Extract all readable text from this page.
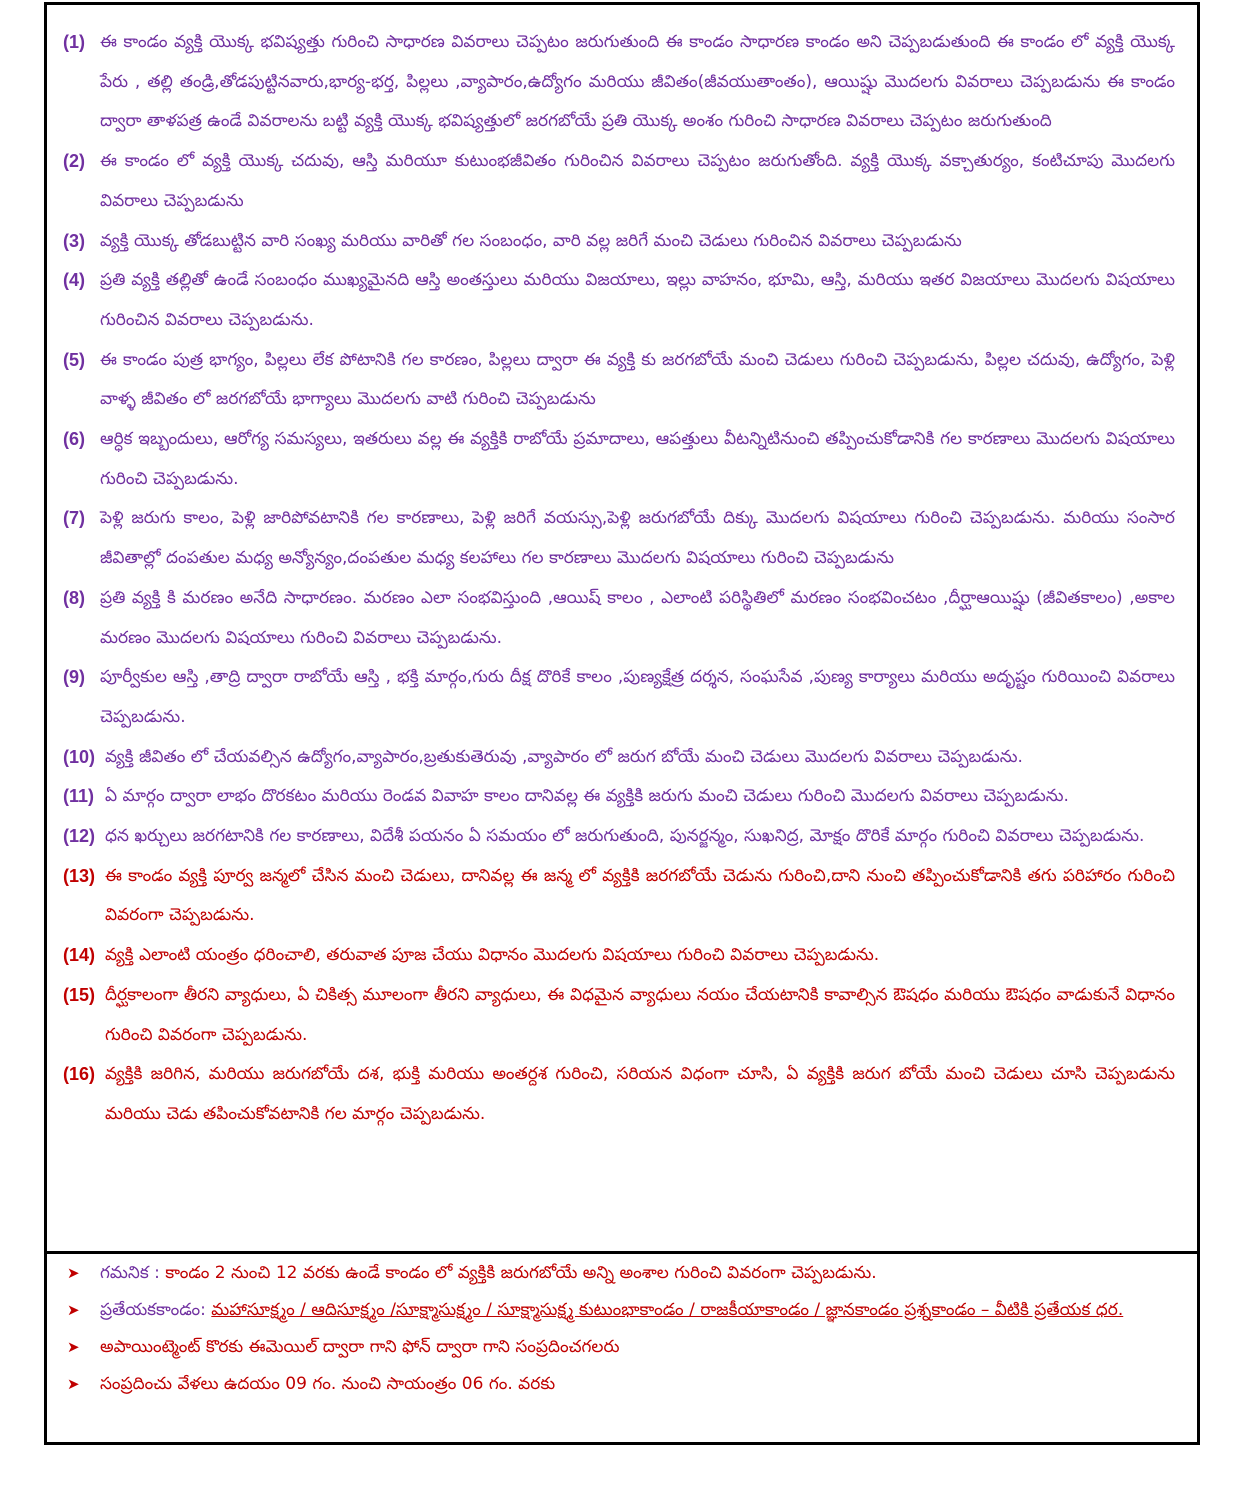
(1) ఈ కాండం వ్యక్తి యొక్క భవిష్యత్తు గురించి సాధారణ వివరాలు చెప్పటం జరుగుతుంది ఈ కాండం సాధారణ కాండం అని చెప్పబడుతుంది ఈ కాండం లో వ్యక్తి యొక్క పేరు , తల్లి తండ్రి,తోడపుట్టినవారు,భార్య-భర్త, పిల్లలు ,వ్యాపారం,ఉద్యోగం మరియు జీవితం(జీవయుతాంతం), ఆయిష్షు మొదలగు వివరాలు చెప్పబడును ఈ కాండం ద్వారా తాళపత్ర ఉండే వివరాలను బట్టి వ్యక్తి యొక్క భవిష్యత్తులో జరగబోయే ప్రతి యొక్క అంశం గురించి సాధారణ వివరాలు చెప్పటం జరుగుతుంది
(2) ఈ కాండం లో వ్యక్తి యొక్క చదువు, ఆస్తి మరియూ కుటుంభజీవితం గురించిన వివరాలు చెప్పటం జరుగుతోంది. వ్యక్తి యొక్క వక్చాతుర్యం, కంటిచూపు మొదలగు వివరాలు చెప్పబడును
(3) వ్యక్తి యొక్క తోడబుట్టిన వారి సంఖ్య మరియు వారితో గల సంబంధం, వారి వల్ల జరిగే మంచి చెడులు గురించిన వివరాలు చెప్పబడును
(4) ప్రతి వ్యక్తి తల్లితో ఉండే సంబంధం ముఖ్యమైనది ఆస్తి అంతస్తులు మరియు విజయాలు, ఇల్లు వాహనం, భూమి, ఆస్తి, మరియు ఇతర విజయాలు మొదలగు విషయాలు గురించిన వివరాలు చెప్పబడును.
(5) ఈ కాండం పుత్ర భాగ్యం, పిల్లలు లేక పోటానికి గల కారణం, పిల్లలు ద్వారా ఈ వ్యక్తి కు జరగబోయే మంచి చెడులు గురించి చెప్పబడును, పిల్లల చదువు, ఉద్యోగం, పెళ్లి వాళ్ళ జీవితం లో జరగబోయే భాగ్యాలు మొదలగు వాటి గురించి చెప్పబడును
(6) ఆర్ధిక ఇబ్బందులు, ఆరోగ్య సమస్యలు, ఇతరులు వల్ల ఈ వ్యక్తికి రాబోయే ప్రమాదాలు, ఆపత్తులు వీటన్నిటినుంచి తప్పించుకోడానికి గల కారణాలు మొదలగు విషయాలు గురించి చెప్పబడును.
(7) పెళ్లి జరుగు కాలం, పెళ్లి జారిపోవటానికి గల కారణాలు, పెళ్లి జరిగే వయస్సు,పెళ్లి జరుగబోయే దిక్కు మొదలగు విషయాలు గురించి చెప్పబడును. మరియు సంసార జీవితాల్లో దంపతుల మధ్య అన్యోన్యం,దంపతుల మధ్య కలహాలు గల కారణాలు మొదలగు విషయాలు గురించి చెప్పబడును
(8) ప్రతి వ్యక్తి కి మరణం అనేది సాధారణం. మరణం ఎలా సంభవిస్తుంది ,ఆయిష్ కాలం , ఎలాంటి పరిస్థితిలో మరణం సంభవించటం ,దీర్ఘాఆయిష్షు (జీవితకాలం) ,అకాల మరణం మొదలగు విషయాలు గురించి వివరాలు చెప్పబడును.
(9) పూర్వీకుల ఆస్తి ,తాద్రి ద్వారా రాబోయే ఆస్తి , భక్తి మార్గం,గురు దీక్ష దొరికే కాలం ,పుణ్యక్షేత్ర దర్శన, సంఘసేవ ,పుణ్య కార్యాలు మరియు అదృష్టం గురియించి వివరాలు చెప్పబడును.
(10) వ్యక్తి జీవితం లో చేయవల్సిన ఉద్యోగం,వ్యాపారం,బ్రతుకుతెరువు ,వ్యాపారం లో జరుగ బోయే మంచి చెడులు మొదలగు వివరాలు చెప్పబడును.
(11) ఏ మార్గం ద్వారా లాభం దొరకటం మరియు రెండవ వివాహ కాలం దానివల్ల ఈ వ్యక్తికి జరుగు మంచి చెడులు గురించి మొదలగు వివరాలు చెప్పబడును.
(12) ధన ఖర్చులు జరగటానికి గల కారణాలు, విదేశీ పయనం ఏ సమయం లో జరుగుతుంది, పునర్జన్మం, సుఖనిద్ర, మోక్షం దొరికే మార్గం గురించి వివరాలు చెప్పబడును.
(13) ఈ కాండం వ్యక్తి పూర్వ జన్మలో చేసిన మంచి చెడులు, దానివల్ల ఈ జన్మ లో వ్యక్తికి జరగబోయే చెడును గురించి,దాని నుంచి తప్పించుకోడానికి తగు పరిహారం గురించి వివరంగా చెప్పబడును.
(14) వ్యక్తి ఎలాంటి యంత్రం ధరించాలి, తరువాత పూజ చేయు విధానం మొదలగు విషయాలు గురించి వివరాలు చెప్పబడును.
(15) దీర్ఘకాలంగా తీరని వ్యాధులు, ఏ చికిత్స మూలంగా తీరని వ్యాధులు, ఈ విధమైన వ్యాధులు నయం చేయటానికి కావాల్సిన ఔషధం మరియు ఔషధం వాడుకునే విధానం గురించి వివరంగా చెప్పబడును.
(16) వ్యక్తికి జరిగిన, మరియు జరుగబోయే దశ, భుక్తి మరియు అంతర్దశ గురించి, సరియన విధంగా చూసి, ఏ వ్యక్తికి జరుగ బోయే మంచి చెడులు చూసి చెప్పబడును మరియు చెడు తపించుకోవటానికి గల మార్గం చెప్పబడును.
➤	గమనిక : కాండం 2 నుంచి 12 వరకు ఉండే కాండం లో వ్యక్తికి జరుగబోయే అన్ని అంశాల గురించి వివరంగా చెప్పబడును.
➤	ప్రతేయకకాండం: మహాసూక్ష్మం / ఆదిసూక్ష్మం /సూక్ష్మాసుక్ష్మం / సూక్ష్మాసుక్ష్మ కుటుంభాకాండం / రాజకీయాకాండం / జ్ఞానకాండం ప్రశ్నకాండం – వీటికి ప్రతేయక ధర.
➤	అపాయింట్మెంట్ కొరకు ఈమెయిల్ ద్వారా గాని ఫోన్ ద్వారా గాని సంప్రదించగలరు
➤	సంప్రదించు వేళలు ఉదయం 09 గం. నుంచి సాయంత్రం 06 గం. వరకు
